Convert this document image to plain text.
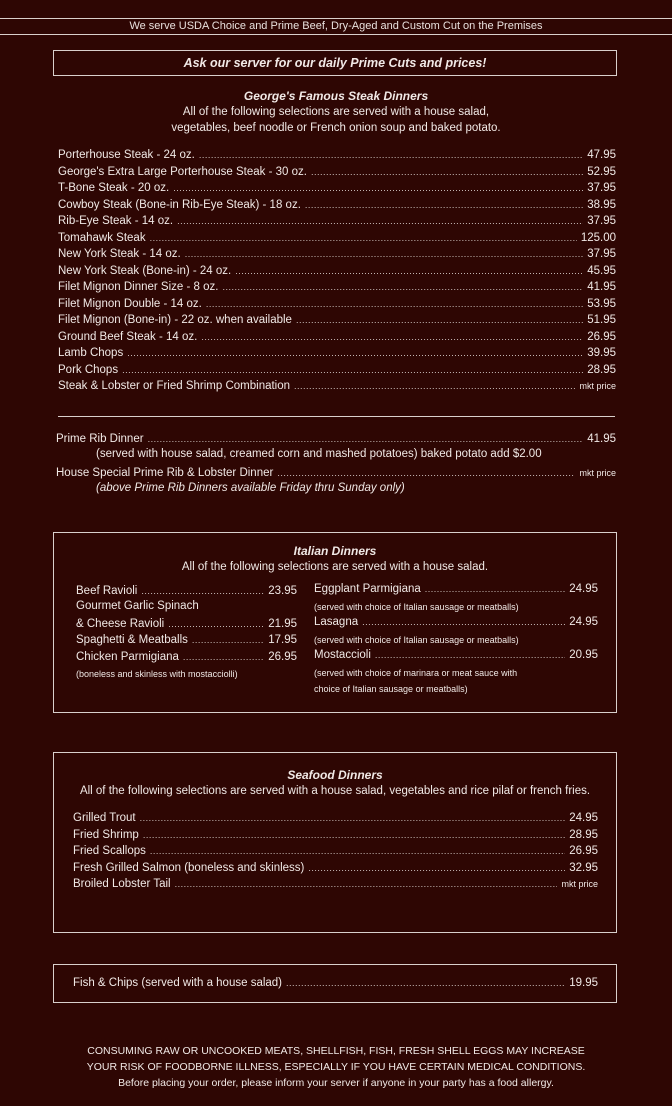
We serve USDA Choice and Prime Beef, Dry-Aged and Custom Cut on the Premises
Ask our server for our daily Prime Cuts and prices!
George's Famous Steak Dinners
All of the following selections are served with a house salad,
vegetables, beef noodle or French onion soup and baked potato.
Porterhouse Steak - 24 oz. .....	47.95
George's Extra Large Porterhouse Steak - 30 oz. .....	52.95
T-Bone Steak - 20 oz. .....	37.95
Cowboy Steak (Bone-in Rib-Eye Steak) - 18 oz. .....	38.95
Rib-Eye Steak - 14 oz. .....	37.95
Tomahawk Steak .....	125.00
New York Steak - 14 oz. .....	37.95
New York Steak (Bone-in) - 24 oz. .....	45.95
Filet Mignon Dinner Size - 8 oz. .....	41.95
Filet Mignon Double - 14 oz. .....	53.95
Filet Mignon (Bone-in) - 22 oz. when available .....	51.95
Ground Beef Steak - 14 oz. .....	26.95
Lamb Chops .....	39.95
Pork Chops .....	28.95
Steak & Lobster or Fried Shrimp Combination .....	mkt price
Prime Rib Dinner .....	41.95
(served with house salad, creamed corn and mashed potatoes) baked potato add $2.00
House Special Prime Rib & Lobster Dinner .....	mkt price
(above Prime Rib Dinners available Friday thru Sunday only)
Italian Dinners
All of the following selections are served with a house salad.
Beef Ravioli .....	23.95
Gourmet Garlic Spinach
& Cheese Ravioli .....	21.95
Spaghetti & Meatballs .....	17.95
Chicken Parmigiana .....	26.95
(boneless and skinless with mostacciolli)
Eggplant Parmigiana .....	24.95
(served with choice of Italian sausage or meatballs)
Lasagna .....	24.95
(served with choice of Italian sausage or meatballs)
Mostaccioli .....	20.95
(served with choice of marinara or meat sauce with
choice of Italian sausage or meatballs)
Seafood Dinners
All of the following selections are served with a house salad, vegetables and rice pilaf or french fries.
Grilled Trout .....	24.95
Fried Shrimp .....	28.95
Fried Scallops .....	26.95
Fresh Grilled Salmon (boneless and skinless) .....	32.95
Broiled Lobster Tail .....	mkt price
Fish & Chips (served with a house salad) .....	19.95
CONSUMING RAW OR UNCOOKED MEATS, SHELLFISH, FISH, FRESH SHELL EGGS MAY INCREASE
YOUR RISK OF FOODBORNE ILLNESS, ESPECIALLY IF YOU HAVE CERTAIN MEDICAL CONDITIONS.
Before placing your order, please inform your server if anyone in your party has a food allergy.
